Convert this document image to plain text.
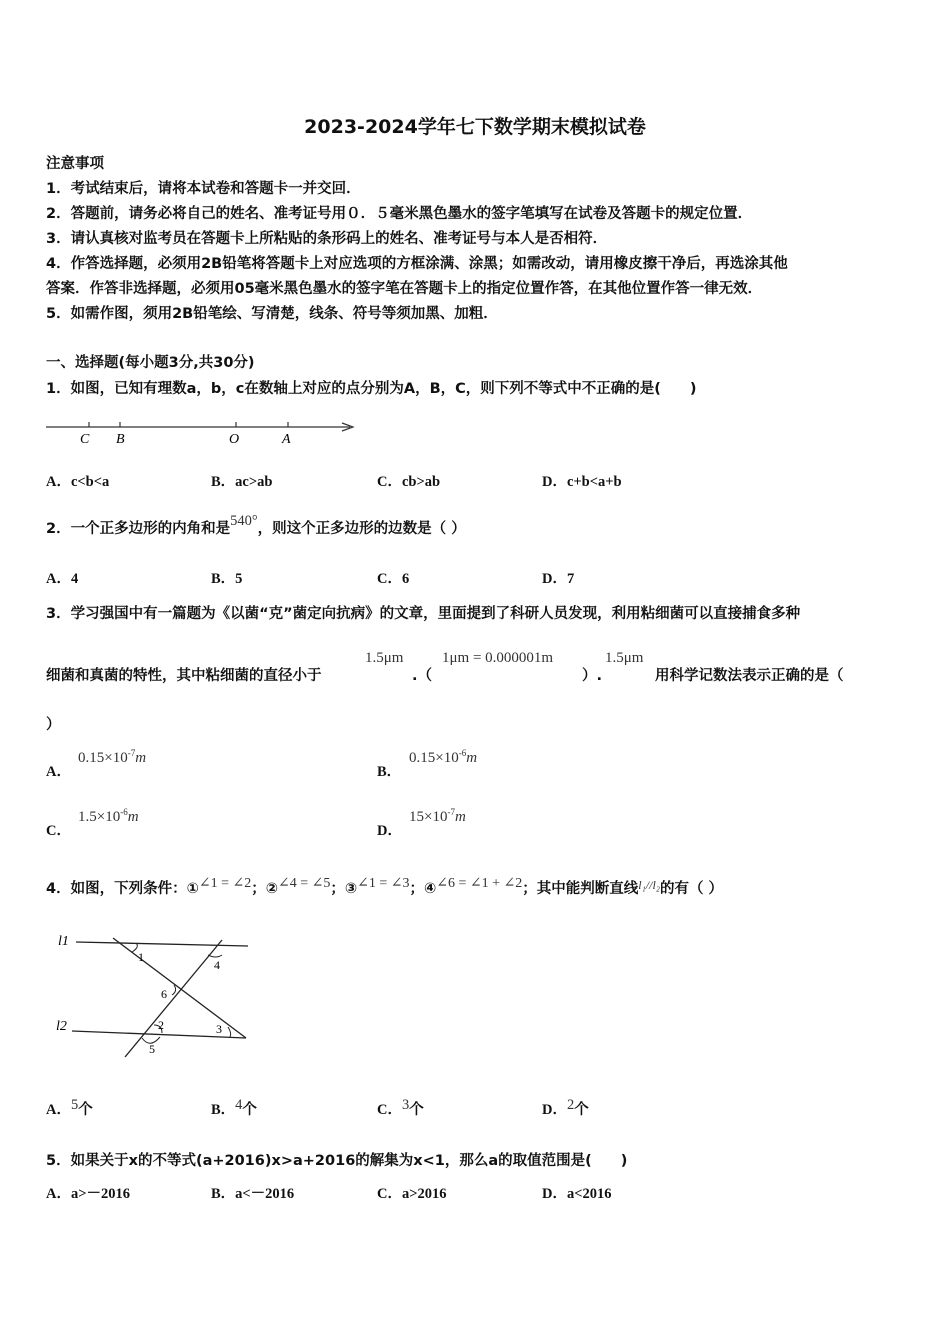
2023-2024学年七下数学期末模拟试卷
注意事项
1．考试结束后，请将本试卷和答题卡一并交回．
2．答题前，请务必将自己的姓名、准考证号用０．５毫米黑色墨水的签字笔填写在试卷及答题卡的规定位置．
3．请认真核对监考员在答题卡上所粘贴的条形码上的姓名、准考证号与本人是否相符．
4．作答选择题，必须用2B铅笔将答题卡上对应选项的方框涂满、涂黑；如需改动，请用橡皮擦干净后，再选涂其他
答案．作答非选择题，必须用05毫米黑色墨水的签字笔在答题卡上的指定位置作答，在其他位置作答一律无效．
5．如需作图，须用2B铅笔绘、写清楚，线条、符号等须加黑、加粗．
一、选择题(每小题3分,共30分)
1．如图，已知有理数a，b，c在数轴上对应的点分别为A，B，C，则下列不等式中不正确的是(　　)
C B	O	A
A．c<b<a	B．ac>ab	C．cb>ab	D．c+b<a+b
2．一个正多边形的内角和是540°，则这个正多边形的边数是（ ）
A．4	B．5	C．6	D．7
3．学习强国中有一篇题为《以菌“克”菌定向抗病》的文章，里面提到了科研人员发现，利用粘细菌可以直接捕食多种
细菌和真菌的特性，其中粘细菌的直径小于
1.5μm
.（
1μm = 0.000001m
）.
1.5μm
用科学记数法表示正确的是（
）
A．
$0.15\times 10^{-7}m$
B．
$0.15\times 10^{-6}m$
C．
$1.5\times 10^{-6}m$
D．
$15\times 10^{-7}m$
4．如图，下列条件：①∠1 = ∠2；②∠4 = ∠5；③∠1 = ∠3；④∠6 = ∠1 + ∠2；其中能判断直线$^{l_1//l_2}$的有（ ）
l1
l2
1
2	3
4
5
6
A．5个	B．4个	C．3个	D．2个
5．如果关于x的不等式(a+2016)x>a+2016的解集为x<1，那么a的取值范围是(　　)
A．a>－2016	B．a<－2016	C．a>2016	D．a<2016
